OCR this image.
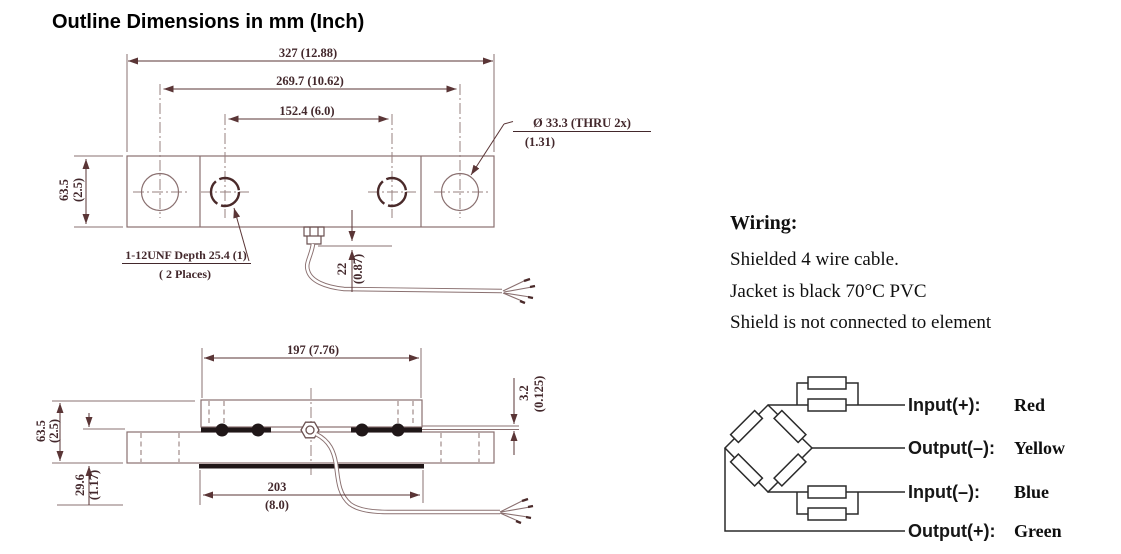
Outline Dimensions in mm (Inch)
327 (12.88)
269.7 (10.62)
152.4 (6.0)
63.5 (2.5)
22 (0.87)
Ø 33.3 (THRU 2x)
(1.31)
1-12UNF Depth 25.4 (1)
( 2 Places)
197 (7.76)
63.5 (2.5)
29.6 (1.17)	203
(8.0)
3.2 (0.125)
Wiring:
Shielded 4 wire cable.
Jacket is black 70°C PVC
Shield is not connected to element
Input(+):	Red
Output(–):	Yellow
Input(–):	Blue
Output(+):	Green
